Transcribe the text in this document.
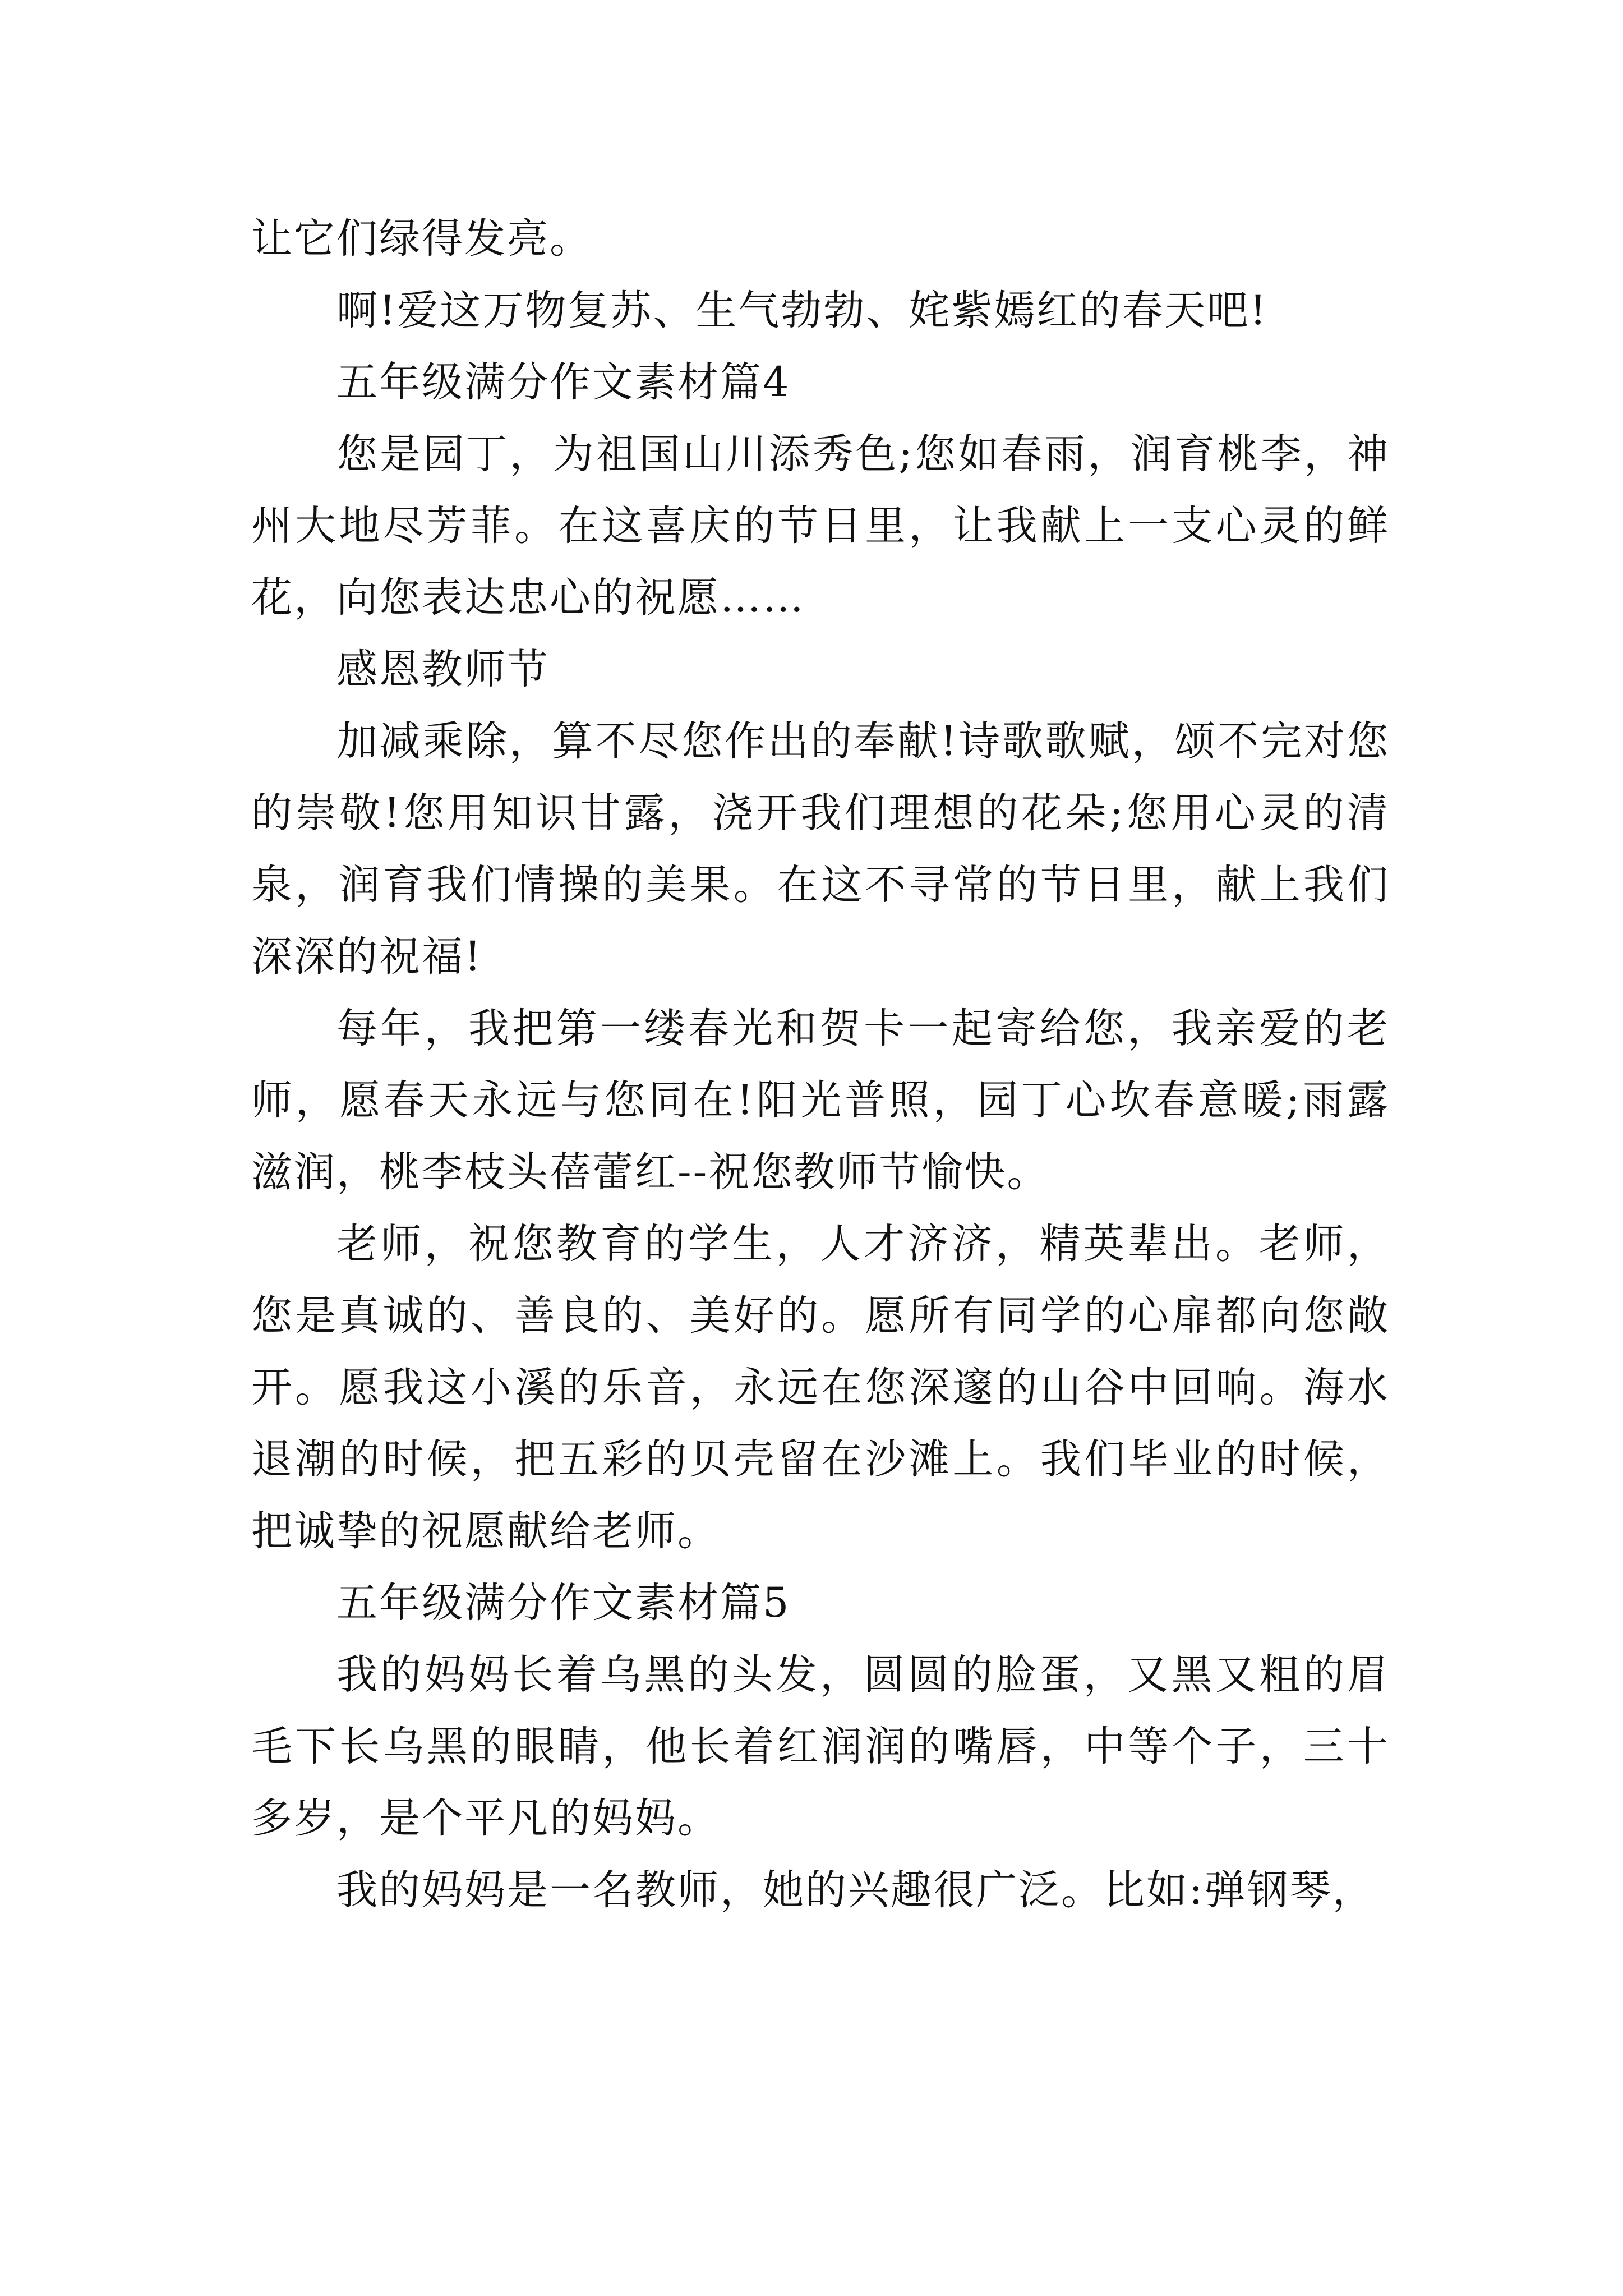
让它们绿得发亮。

啊!爱这万物复苏、生气勃勃、姹紫嫣红的春天吧!

五年级满分作文素材篇4

您是园丁，为祖国山川添秀色;您如春雨，润育桃李，神州大地尽芳菲。在这喜庆的节日里，让我献上一支心灵的鲜花，向您表达忠心的祝愿……

感恩教师节

加减乘除，算不尽您作出的奉献!诗歌歌赋，颂不完对您的崇敬!您用知识甘露，浇开我们理想的花朵;您用心灵的清泉，润育我们情操的美果。在这不寻常的节日里，献上我们深深的祝福!

每年，我把第一缕春光和贺卡一起寄给您，我亲爱的老师，愿春天永远与您同在!阳光普照，园丁心坎春意暖;雨露滋润，桃李枝头蓓蕾红--祝您教师节愉快。

老师，祝您教育的学生，人才济济，精英辈出。老师，您是真诚的、善良的、美好的。愿所有同学的心扉都向您敞开。愿我这小溪的乐音，永远在您深邃的山谷中回响。海水退潮的时候，把五彩的贝壳留在沙滩上。我们毕业的时候，把诚挚的祝愿献给老师。

五年级满分作文素材篇5

我的妈妈长着乌黑的头发，圆圆的脸蛋，又黑又粗的眉毛下长乌黑的眼睛，他长着红润润的嘴唇，中等个子，三十多岁，是个平凡的妈妈。

我的妈妈是一名教师，她的兴趣很广泛。比如:弹钢琴，
